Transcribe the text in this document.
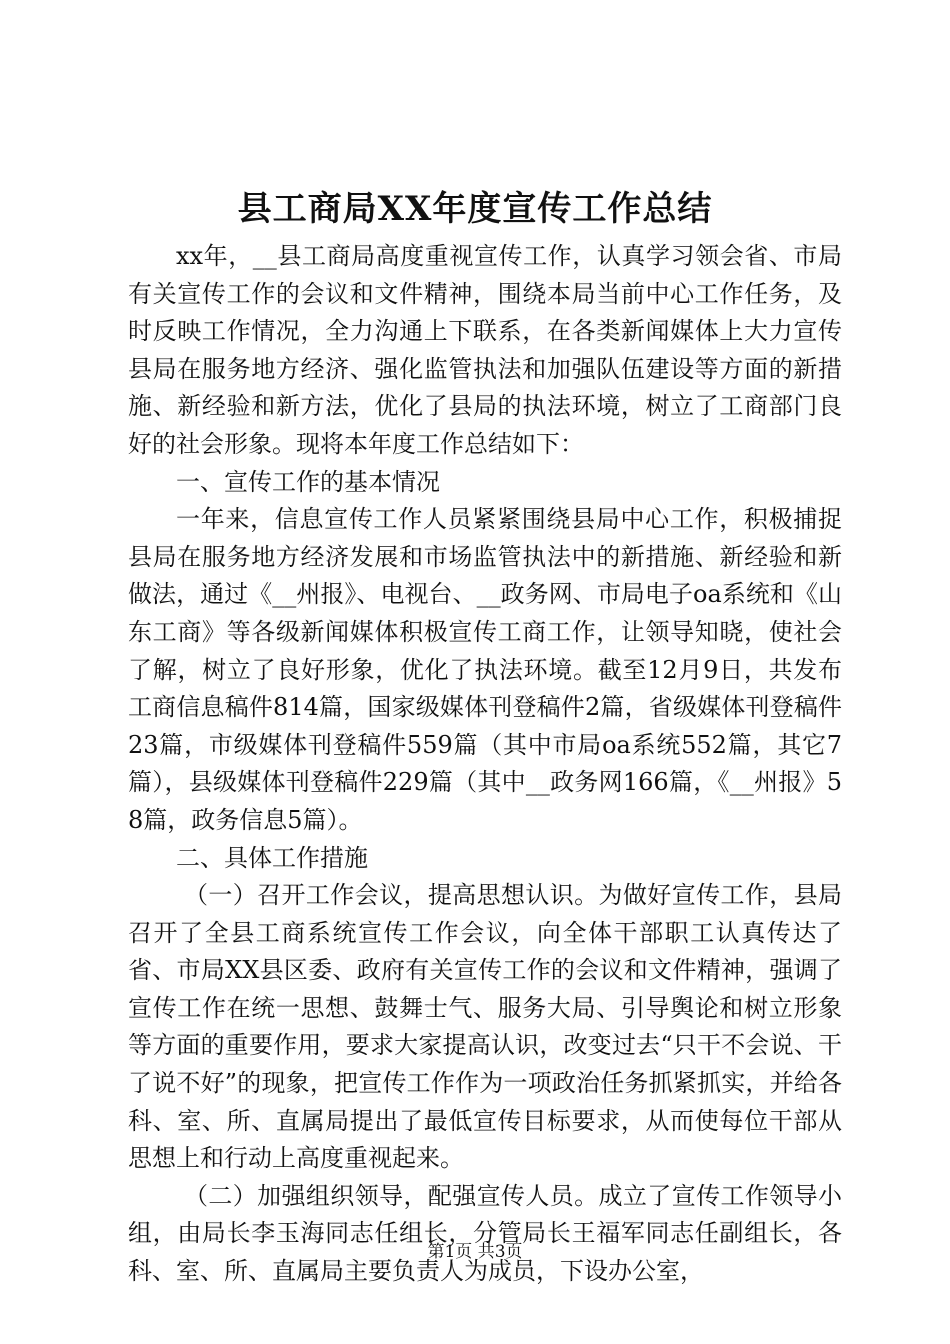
县工商局XX年度宣传工作总结

xx年，__县工商局高度重视宣传工作，认真学习领会省、市局有关宣传工作的会议和文件精神，围绕本局当前中心工作任务，及时反映工作情况，全力沟通上下联系，在各类新闻媒体上大力宣传县局在服务地方经济、强化监管执法和加强队伍建设等方面的新措施、新经验和新方法，优化了县局的执法环境，树立了工商部门良好的社会形象。现将本年度工作总结如下：

一、宣传工作的基本情况

一年来，信息宣传工作人员紧紧围绕县局中心工作，积极捕捉县局在服务地方经济发展和市场监管执法中的新措施、新经验和新做法，通过《__州报》、电视台、__政务网、市局电子oa系统和《山东工商》等各级新闻媒体积极宣传工商工作，让领导知晓，使社会了解，树立了良好形象，优化了执法环境。截至12月9日，共发布工商信息稿件814篇，国家级媒体刊登稿件2篇，省级媒体刊登稿件23篇，市级媒体刊登稿件559篇（其中市局oa系统552篇，其它7篇），县级媒体刊登稿件229篇（其中__政务网166篇，《__州报》58篇，政务信息5篇）。

二、具体工作措施

（一）召开工作会议，提高思想认识。为做好宣传工作，县局召开了全县工商系统宣传工作会议，向全体干部职工认真传达了省、市局XX县区委、政府有关宣传工作的会议和文件精神，强调了宣传工作在统一思想、鼓舞士气、服务大局、引导舆论和树立形象等方面的重要作用，要求大家提高认识，改变过去“只干不会说、干了说不好”的现象，把宣传工作作为一项政治任务抓紧抓实，并给各科、室、所、直属局提出了最低宣传目标要求，从而使每位干部从思想上和行动上高度重视起来。

（二）加强组织领导，配强宣传人员。成立了宣传工作领导小组，由局长李玉海同志任组长，分管局长王福军同志任副组长，各科、室、所、直属局主要负责人为成员，下设办公室，

第1页 共3页
